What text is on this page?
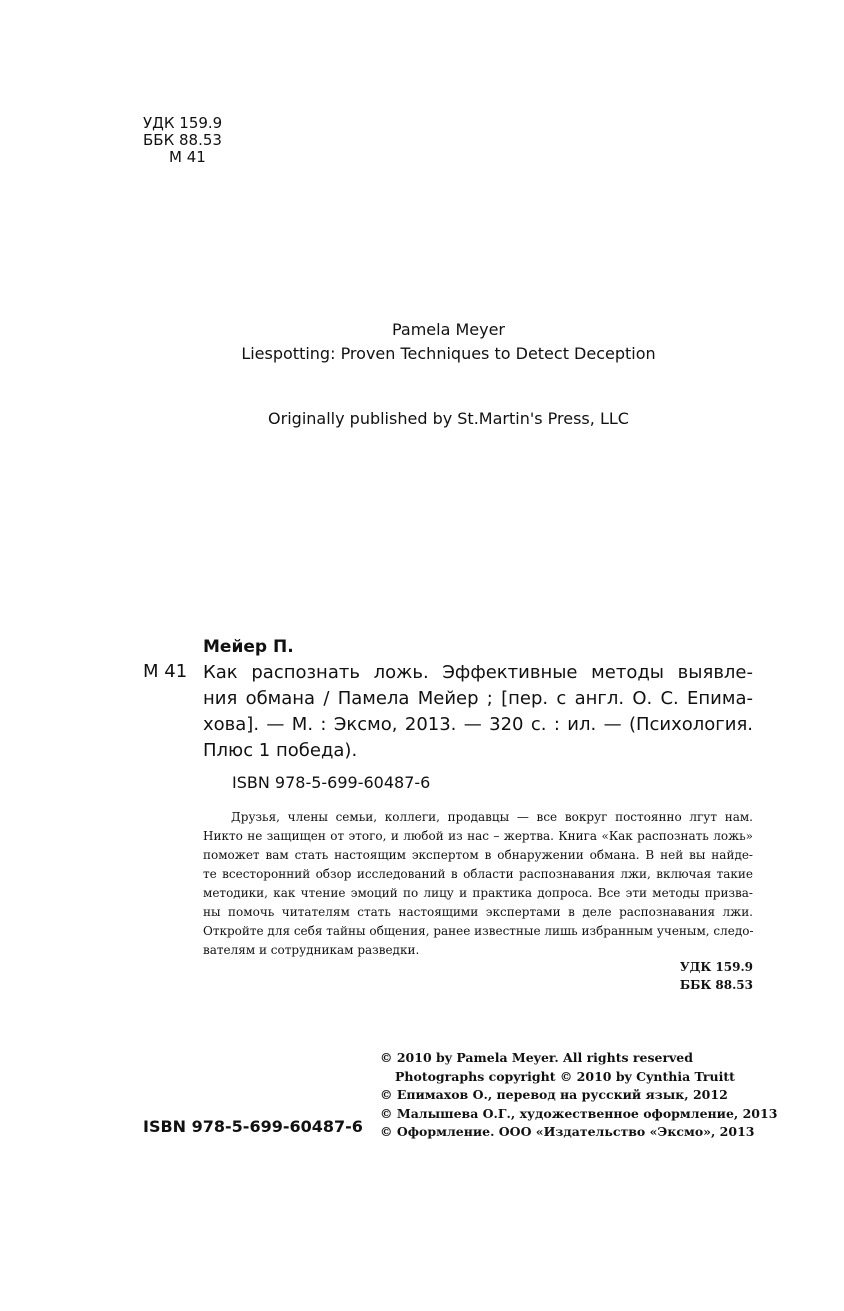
УДК 159.9
ББК 88.53
М 41
Pamela Meyer
Liespotting: Proven Techniques to Detect Deception
Originally published by St.Martin's Press, LLC
Мейер П.
М 41 Как распознать ложь. Эффективные методы выявле-
ния обмана / Памела Мейер ; [пер. с англ. О. С. Епима-
хова]. — М. : Эксмо, 2013. — 320 с. : ил. — (Психология.
Плюс 1 победа).
ISBN 978-5-699-60487-6
Друзья, члены семьи, коллеги, продавцы — все вокруг постоянно лгут нам.
Никто не защищен от этого, и любой из нас – жертва. Книга «Как распознать ложь»
поможет вам стать настоящим экспертом в обнаружении обмана. В ней вы найде-
те всесторонний обзор исследований в области распознавания лжи, включая такие
методики, как чтение эмоций по лицу и практика допроса. Все эти методы призва-
ны помочь читателям стать настоящими экспертами в деле распознавания лжи.
Откройте для себя тайны общения, ранее известные лишь избранным ученым, следо-
вателям и сотрудникам разведки.
УДК 159.9
ББК 88.53
© 2010 by Pamela Meyer. All rights reserved
Photographs copyright © 2010 by Cynthia Truitt
© Епимахов О., перевод на русский язык, 2012
© Малышева О.Г., художественное оформление, 2013
© Оформление. ООО «Издательство «Эксмо», 2013
ISBN 978-5-699-60487-6
